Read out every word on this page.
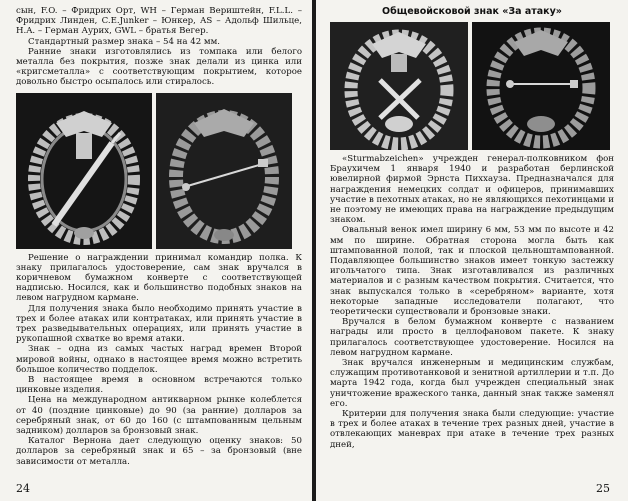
сын, F.O. – Фридрих Орт, WH – Герман Вериштейн, F.L.L. – Фридрих Линден, C.E.Junker – Юнкер, AS – Адольф Шильце, H.A. – Герман Аурих, GWL – братья Вегер.

Стандартный размер знака – 54 на 42 мм.

Ранние знаки изготовлялись из томпака или белого металла без покрытия, позже знак делали из цинка или «кригсметалла» с соответствующим покрытием, которое довольно быстро осыпалось или стиралось.

Решение о награждении принимал командир полка. К знаку прилагалось удостоверение, сам знак вручался в коричневом бумажном конверте с соответствующей надписью. Носился, как и большинство подобных знаков на левом нагрудном кармане.

Для получения знака было необходимо принять участие в трех и более атаках или контратаках, или принять участие в трех разведывательных операциях, или принять участие в рукопашной схватке во время атаки.

Знак – одна из самых частых наград времен Второй мировой войны, однако в настоящее время можно встретить большое количество подделок.

В настоящее время в основном встречаются только цинковые изделия.

Цена на международном антикварном рынке колеблется от 40 (поздние цинковые) до 90 (за ранние) долларов за серебряный знак, от 60 до 160 (с штампованным цельным задником) долларов за бронзовый знак.

Каталог Вернона дает следующую оценку знаков: 50 долларов за серебряный знак и 65 – за бронзовый (вне зависимости от металла.

24
Общевойсковой знак «За атаку»

«Sturmabzeichen» учрежден генерал-полковником фон Браухичем 1 января 1940 и разработан берлинской ювелирной фирмой Эрнста Пиххауза. Предназначался для награждения немецких солдат и офицеров, принимавших участие в пехотных атаках, но не являющихся пехотинцами и не поэтому не имеющих права на награждение предыдущим знаком.

Овальный венок имел ширину 6 мм, 53 мм по высоте и 42 мм по ширине. Обратная сторона могла быть как штампованной полой, так и плоской цельноштампованной. Подавляющее большинство знаков имеет тонкую застежку игольчатого типа. Знак изготавливался из различных материалов и с разным качеством покрытия. Считается, что знак выпускался только в «серебряном» варианте, хотя некоторые западные исследователи полагают, что теоретически существовали и бронзовые знаки.

Вручался в белом бумажном конверте с названием награды или просто в целлофановом пакете. К знаку прилагалось соответствующее удостоверение. Носился на левом нагрудном кармане.

Знак вручался инженерным и медицинским службам, служащим противотанковой и зенитной артиллерии и т.п. До марта 1942 года, когда был учрежден специальный знак уничтожение вражеского танка, данный знак также заменял его.

Критерии для получения знака были следующие: участие в трех и более атаках в течение трех разных дней, участие в отвлекающих маневрах при атаке в течение трех разных дней,

25
